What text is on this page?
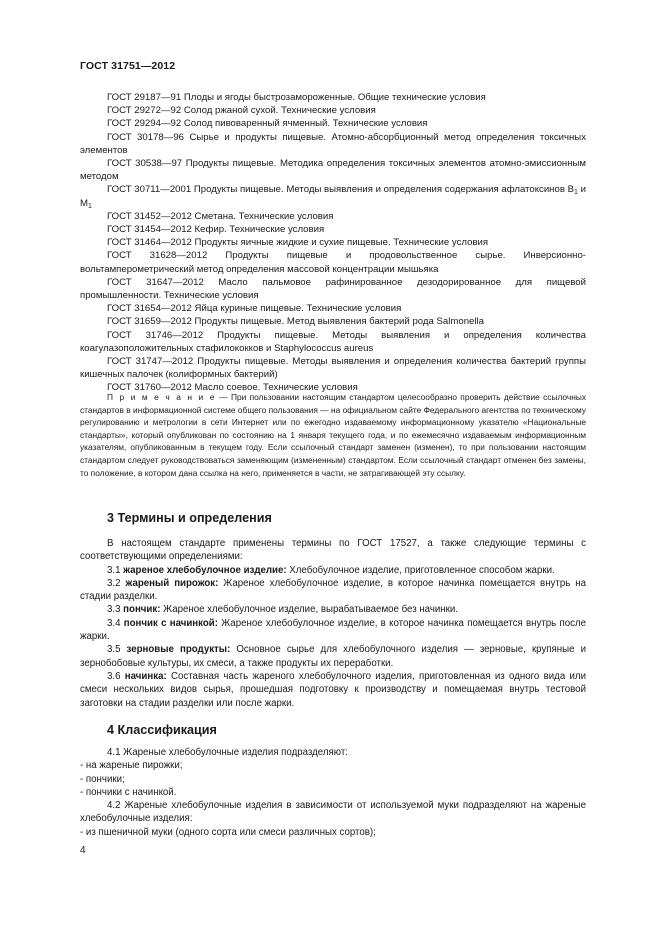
ГОСТ 31751—2012
ГОСТ 29187—91 Плоды и ягоды быстрозамороженные. Общие технические условия
ГОСТ 29272—92 Солод ржаной сухой. Технические условия
ГОСТ 29294—92 Солод пивоваренный ячменный. Технические условия
ГОСТ 30178—96 Сырье и продукты пищевые. Атомно-абсорбционный метод определения токсичных элементов
ГОСТ 30538—97 Продукты пищевые. Методика определения токсичных элементов атомно-эмиссионным методом
ГОСТ 30711—2001 Продукты пищевые. Методы выявления и определения содержания афлатоксинов $В_1$ и $М_1$
ГОСТ 31452—2012 Сметана. Технические условия
ГОСТ 31454—2012 Кефир. Технические условия
ГОСТ 31464—2012 Продукты яичные жидкие и сухие пищевые. Технические условия
ГОСТ 31628—2012 Продукты пищевые и продовольственное сырье. Инверсионно-вольтамперометрический метод определения массовой концентрации мышьяка
ГОСТ 31647—2012 Масло пальмовое рафинированное дезодорированное для пищевой промышленности. Технические условия
ГОСТ 31654—2012 Яйца куриные пищевые. Технические условия
ГОСТ 31659—2012 Продукты пищевые. Метод выявления бактерий рода Salmonella
ГОСТ 31746—2012 Продукты пищевые. Методы выявления и определения количества коагулазоположительных стафилококков и Staphylococcus aureus
ГОСТ 31747—2012 Продукты пищевые. Методы выявления и определения количества бактерий группы кишечных палочек (колиформных бактерий)
ГОСТ 31760—2012 Масло соевое. Технические условия
П р и м е ч а н и е — При пользовании настоящим стандартом целесообразно проверить действие ссылочных стандартов в информационной системе общего пользования — на официальном сайте Федерального агентства по техническому регулированию и метрологии в сети Интернет или по ежегодно издаваемому информационному указателю «Национальные стандарты», который опубликован по состоянию на 1 января текущего года, и по ежемесячно издаваемым информационным указателям, опубликованным в текущем году. Если ссылочный стандарт заменен (изменен), то при пользовании настоящим стандартом следует руководствоваться заменяющим (измененным) стандартом. Если ссылочный стандарт отменен без замены, то положение, в котором дана ссылка на него, применяется в части, не затрагивающей эту ссылку.
3 Термины и определения
В настоящем стандарте применены термины по ГОСТ 17527, а также следующие термины с соответствующими определениями:
3.1 жареное хлебобулочное изделие: Хлебобулочное изделие, приготовленное способом жарки.
3.2 жареный пирожок: Жареное хлебобулочное изделие, в которое начинка помещается внутрь на стадии разделки.
3.3 пончик: Жареное хлебобулочное изделие, вырабатываемое без начинки.
3.4 пончик с начинкой: Жареное хлебобулочное изделие, в которое начинка помещается внутрь после жарки.
3.5 зерновые продукты: Основное сырье для хлебобулочного изделия — зерновые, крупяные и зернобобовые культуры, их смеси, а также продукты их переработки.
3.6 начинка: Составная часть жареного хлебобулочного изделия, приготовленная из одного вида или смеси нескольких видов сырья, прошедшая подготовку к производству и помещаемая внутрь тестовой заготовки на стадии разделки или после жарки.
4 Классификация
4.1 Жареные хлебобулочные изделия подразделяют:
- на жареные пирожки;
- пончики;
- пончики с начинкой.
4.2 Жареные хлебобулочные изделия в зависимости от используемой муки подразделяют на жареные хлебобулочные изделия:
- из пшеничной муки (одного сорта или смеси различных сортов);
4
